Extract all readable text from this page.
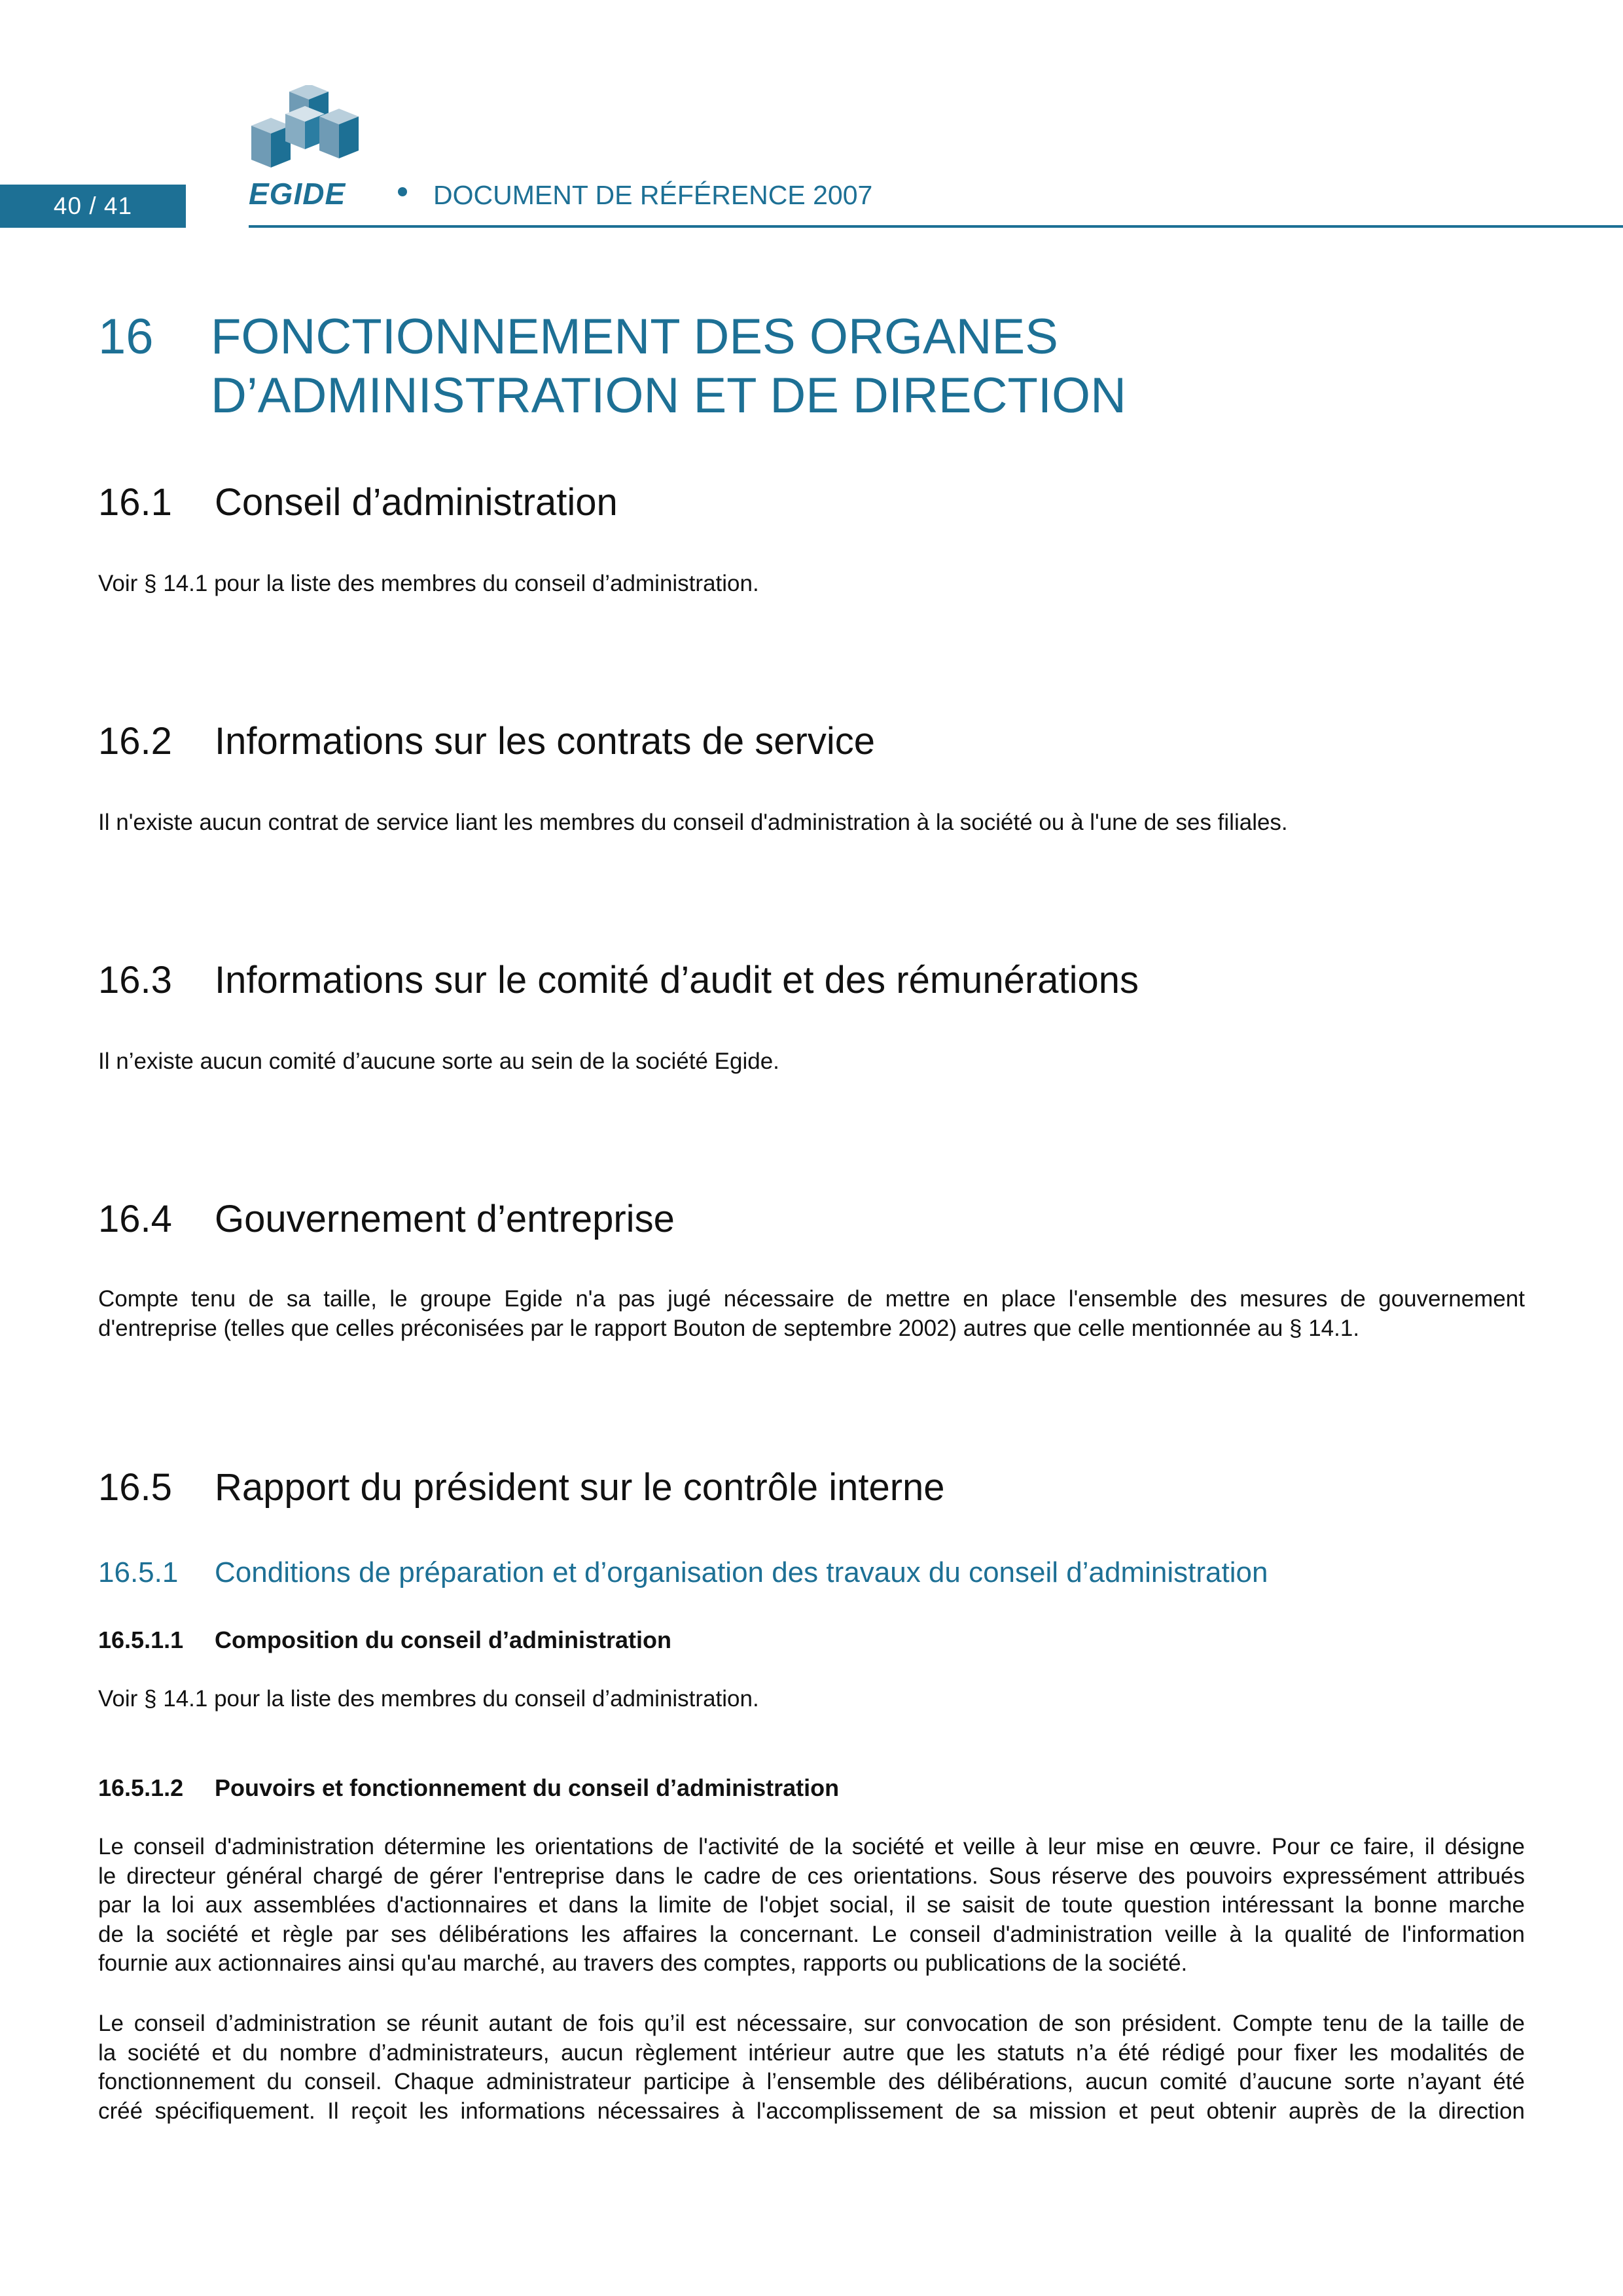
40 / 41	EGIDE	DOCUMENT DE RÉFÉRENCE 2007
16 FONCTIONNEMENT DES ORGANES
D’ADMINISTRATION ET DE DIRECTION
16.1 Conseil d’administration
Voir § 14.1 pour la liste des membres du conseil d’administration.
16.2 Informations sur les contrats de service
Il n'existe aucun contrat de service liant les membres du conseil d'administration à la société ou à l'une de ses filiales.
16.3 Informations sur le comité d’audit et des rémunérations
Il n’existe aucun comité d’aucune sorte au sein de la société Egide.
16.4 Gouvernement d’entreprise
Compte tenu de sa taille, le groupe Egide n'a pas jugé nécessaire de mettre en place l'ensemble des mesures de gouvernement
d'entreprise (telles que celles préconisées par le rapport Bouton de septembre 2002) autres que celle mentionnée au § 14.1.
16.5 Rapport du président sur le contrôle interne
16.5.1 Conditions de préparation et d’organisation des travaux du conseil d’administration
16.5.1.1 Composition du conseil d’administration
Voir § 14.1 pour la liste des membres du conseil d’administration.
16.5.1.2 Pouvoirs et fonctionnement du conseil d’administration
Le conseil d'administration détermine les orientations de l'activité de la société et veille à leur mise en œuvre. Pour ce faire, il désigne
le directeur général chargé de gérer l'entreprise dans le cadre de ces orientations. Sous réserve des pouvoirs expressément attribués
par la loi aux assemblées d'actionnaires et dans la limite de l'objet social, il se saisit de toute question intéressant la bonne marche
de la société et règle par ses délibérations les affaires la concernant. Le conseil d'administration veille à la qualité de l'information
fournie aux actionnaires ainsi qu'au marché, au travers des comptes, rapports ou publications de la société.
Le conseil d’administration se réunit autant de fois qu’il est nécessaire, sur convocation de son président. Compte tenu de la taille de
la société et du nombre d’administrateurs, aucun règlement intérieur autre que les statuts n’a été rédigé pour fixer les modalités de
fonctionnement du conseil. Chaque administrateur participe à l’ensemble des délibérations, aucun comité d’aucune sorte n’ayant été
créé spécifiquement. Il reçoit les informations nécessaires à l'accomplissement de sa mission et peut obtenir auprès de la direction
